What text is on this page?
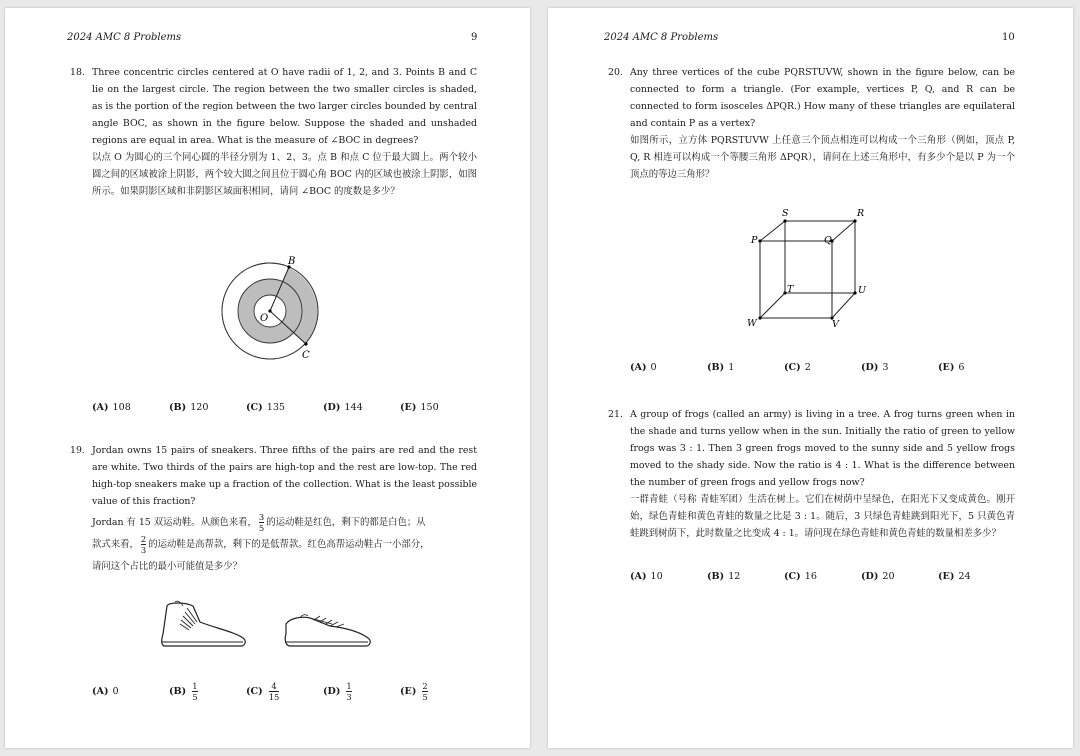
2024 AMC 8 Problems	9
18. Three concentric circles centered at O have radii of 1, 2, and 3. Points B and C lie on the largest circle. The region between the two smaller circles is shaded, as is the portion of the region between the two larger circles bounded by central angle BOC, as shown in the figure below. Suppose the shaded and unshaded regions are equal in area. What is the measure of ∠BOC in degrees?

以点 O 为圆心的三个同心圆的半径分别为 1、2、3。点 B 和点 C 位于最大圆上。两个较小圆之间的区域被涂上阴影，两个较大圆之间且位于圆心角 BOC 内的区域也被涂上阴影，如图所示。如果阴影区域和非阴影区域面积相同，请问 ∠BOC 的度数是多少？

B
O
C
(A) 108	(B) 120	(C) 135	(D) 144	(E) 150
19. Jordan owns 15 pairs of sneakers. Three fifths of the pairs are red and the rest are white. Two thirds of the pairs are high-top and the rest are low-top. The red high-top sneakers make up a fraction of the collection. What is the least possible value of this fraction?

Jordan 有 15 双运动鞋。从颜色来看， $\frac{3}{5}$ 的运动鞋是红色，剩下的都是白色；从
款式来看， $\frac{2}{3}$ 的运动鞋是高帮款，剩下的是低帮款。红色高帮运动鞋占一小部分，
请问这个占比的最小可能值是多少？

(A) 0	$(B) \frac{1}{5}$	$(C) \frac{4}{15}$	$(D) \frac{1}{3}$	$(E) \frac{2}{5}$
2024 AMC 8 Problems	10
20. Any three vertices of the cube PQRSTUVW, shown in the figure below, can be connected to form a triangle. (For example, vertices P, Q, and R can be connected to form isosceles ΔPQR.) How many of these triangles are equilateral and contain P as a vertex?

如图所示，立方体 PQRSTUVW 上任意三个顶点相连可以构成一个三角形（例如，顶点 P, Q, R 相连可以构成一个等腰三角形 ΔPQR），请问在上述三角形中，有多少个是以 P 为一个顶点的等边三角形？

S	R
P	Q
T	U
W	V
(A) 0	(B) 1	(C) 2	(D) 3	(E) 6
21. A group of frogs (called an army) is living in a tree. A frog turns green when in the shade and turns yellow when in the sun. Initially the ratio of green to yellow frogs was 3 : 1. Then 3 green frogs moved to the sunny side and 5 yellow frogs moved to the shady side. Now the ratio is 4 : 1. What is the difference between the number of green frogs and yellow frogs now?

一群青蛙（号称 青蛙军团）生活在树上。它们在树荫中呈绿色，在阳光下又变成黄色。刚开始，绿色青蛙和黄色青蛙的数量之比是 3 : 1。随后，3 只绿色青蛙跳到阳光下，5 只黄色青蛙跳到树荫下，此时数量之比变成 4 : 1。请问现在绿色青蛙和黄色青蛙的数量相差多少？

(A) 10	(B) 12	(C) 16	(D) 20	(E) 24
